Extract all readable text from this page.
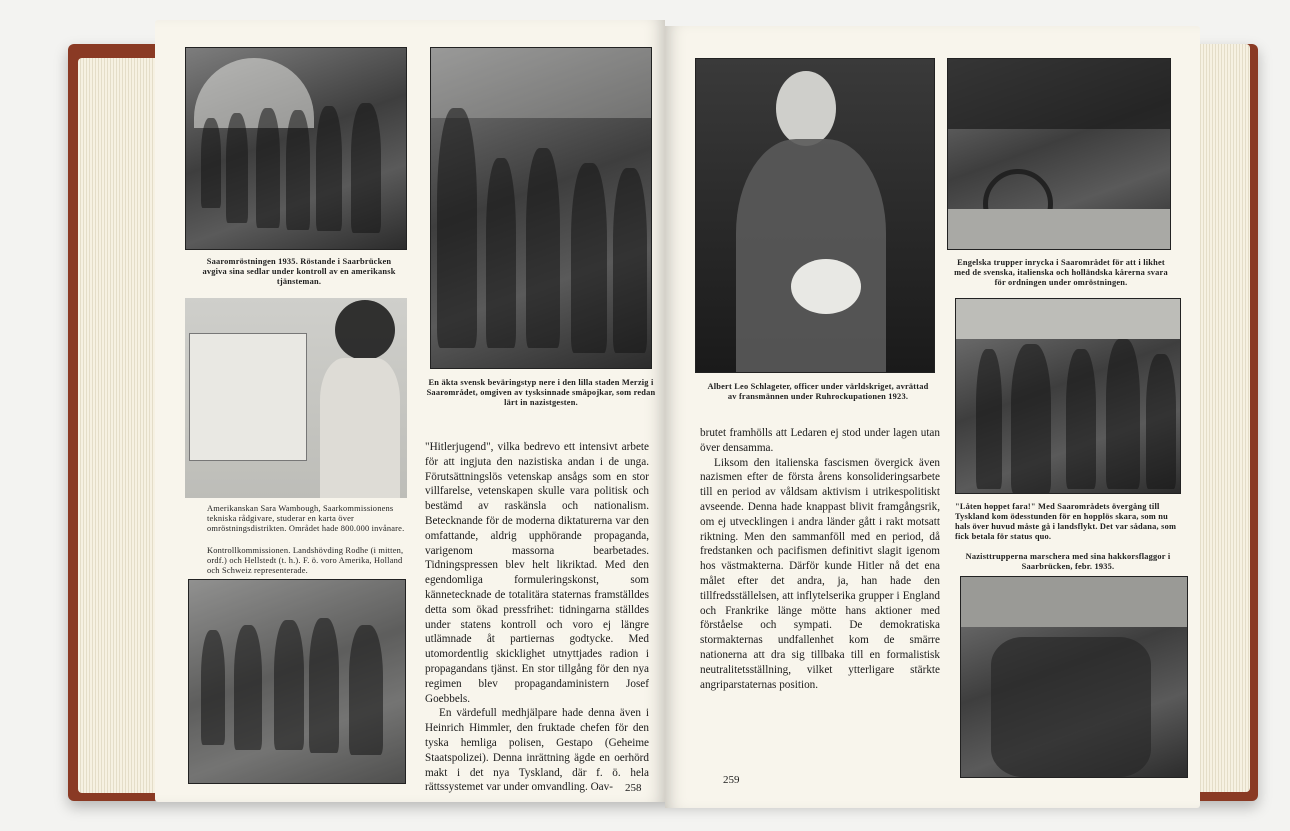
Saaromröstningen 1935. Röstande i Saarbrücken avgiva sina sedlar under kontroll av en amerikansk tjänsteman.
En äkta svensk beväringstyp nere i den lilla staden Merzig i Saarområdet, omgiven av tysksinnade småpojkar, som redan lärt in nazistgesten.
Amerikanskan Sara Wambough, Saarkommissionens tekniska rådgivare, studerar en karta över omröstningsdistrikten. Området hade 800.000 invånare.
Kontrollkommissionen. Landshövding Rodhe (i mitten, ordf.) och Hellstedt (t. h.). F. ö. voro Amerika, Holland och Schweiz representerade.

"Hitlerjugend", vilka bedrevo ett intensivt arbete för att ingjuta den nazistiska andan i de unga. Förutsättningslös vetenskap ansågs som en stor villfarelse, vetenskapen skulle vara politisk och bestämd av raskänsla och nationalism. Betecknande för de moderna diktaturerna var den omfattande, aldrig upphörande propaganda, varigenom massorna bearbetades. Tidningspressen blev helt likriktad. Med den egendomliga formuleringskonst, som kännetecknade de totalitära staternas framställdes detta som ökad pressfrihet: tidningarna ställdes under statens kontroll och voro ej längre utlämnade åt partiernas godtycke. Med utomordentlig skicklighet utnyttjades radion i propagandans tjänst. En stor tillgång för den nya regimen blev propagandaministern Josef Goebbels.

En värdefull medhjälpare hade denna även i Heinrich Himmler, den fruktade chefen för den tyska hemliga polisen, Gestapo (Geheime Staatspolizei). Denna inrättning ägde en oerhörd makt i det nya Tyskland, där f. ö. hela rättssystemet var under omvandling. Oav-	258
Albert Leo Schlageter, officer under världskriget, avrättad av fransmännen under Ruhrockupationen 1923.
Engelska trupper inrycka i Saarområdet för att i likhet med de svenska, italienska och holländska kårerna svara för ordningen under omröstningen.
"Låten hoppet fara!" Med Saarområdets övergång till Tyskland kom ödesstunden för en hopplös skara, som nu hals över huvud måste gå i landsflykt. Det var sådana, som fick betala för status quo.
Nazisttrupperna marschera med sina hakkorsflaggor i Saarbrücken, febr. 1935.

brutet framhölls att Ledaren ej stod under lagen utan över densamma.

Liksom den italienska fascismen övergick även nazismen efter de första årens konsolideringsarbete till en period av våldsam aktivism i utrikespolitiskt avseende. Denna hade knappast blivit framgångsrik, om ej utvecklingen i andra länder gått i rakt motsatt riktning. Men den sammanföll med en period, då fredstanken och pacifismen definitivt slagit igenom hos västmakterna. Därför kunde Hitler nå det ena målet efter det andra, ja, han hade den tillfredsställelsen, att inflytelserika grupper i England och Frankrike länge mötte hans aktioner med förståelse och sympati. De demokratiska stormakternas undfallenhet kom de smärre nationerna att dra sig tillbaka till en formalistisk neutralitetsställning, vilket ytterligare stärkte angriparstaternas position.

259
